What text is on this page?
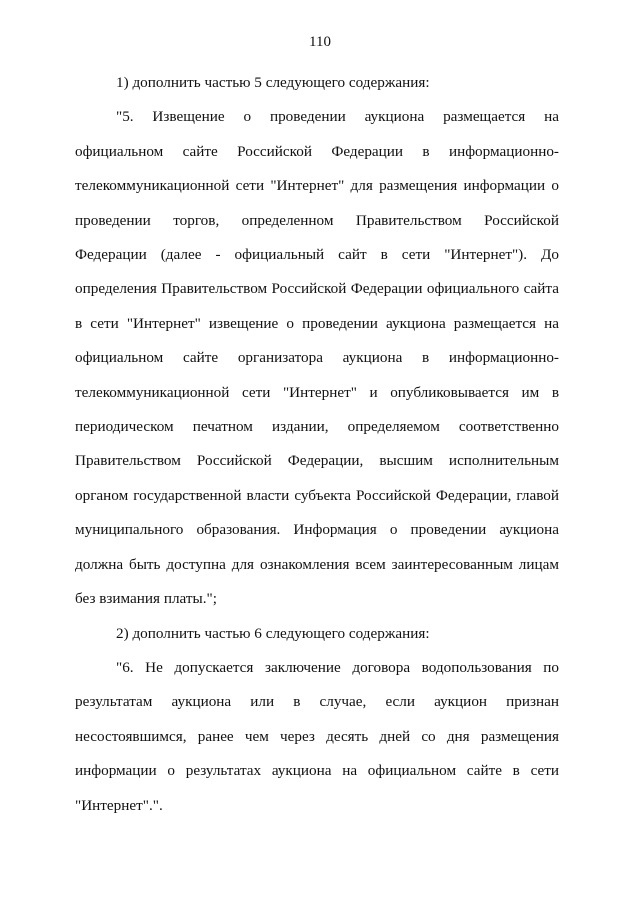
110

1) дополнить частью 5 следующего содержания:

"5. Извещение о проведении аукциона размещается на официальном сайте Российской Федерации в информационно-телекоммуникационной сети "Интернет" для размещения информации о проведении торгов, определенном Правительством Российской Федерации (далее - официальный сайт в сети "Интернет"). До определения Правительством Российской Федерации официального сайта в сети "Интернет" извещение о проведении аукциона размещается на официальном сайте организатора аукциона в информационно-телекоммуникационной сети "Интернет" и опубликовывается им в периодическом печатном издании, определяемом соответственно Правительством Российской Федерации, высшим исполнительным органом государственной власти субъекта Российской Федерации, главой муниципального образования. Информация о проведении аукциона должна быть доступна для ознакомления всем заинтересованным лицам без взимания платы.";

2) дополнить частью 6 следующего содержания:

"6. Не допускается заключение договора водопользования по результатам аукциона или в случае, если аукцион признан несостоявшимся, ранее чем через десять дней со дня размещения информации о результатах аукциона на официальном сайте в сети "Интернет".".
